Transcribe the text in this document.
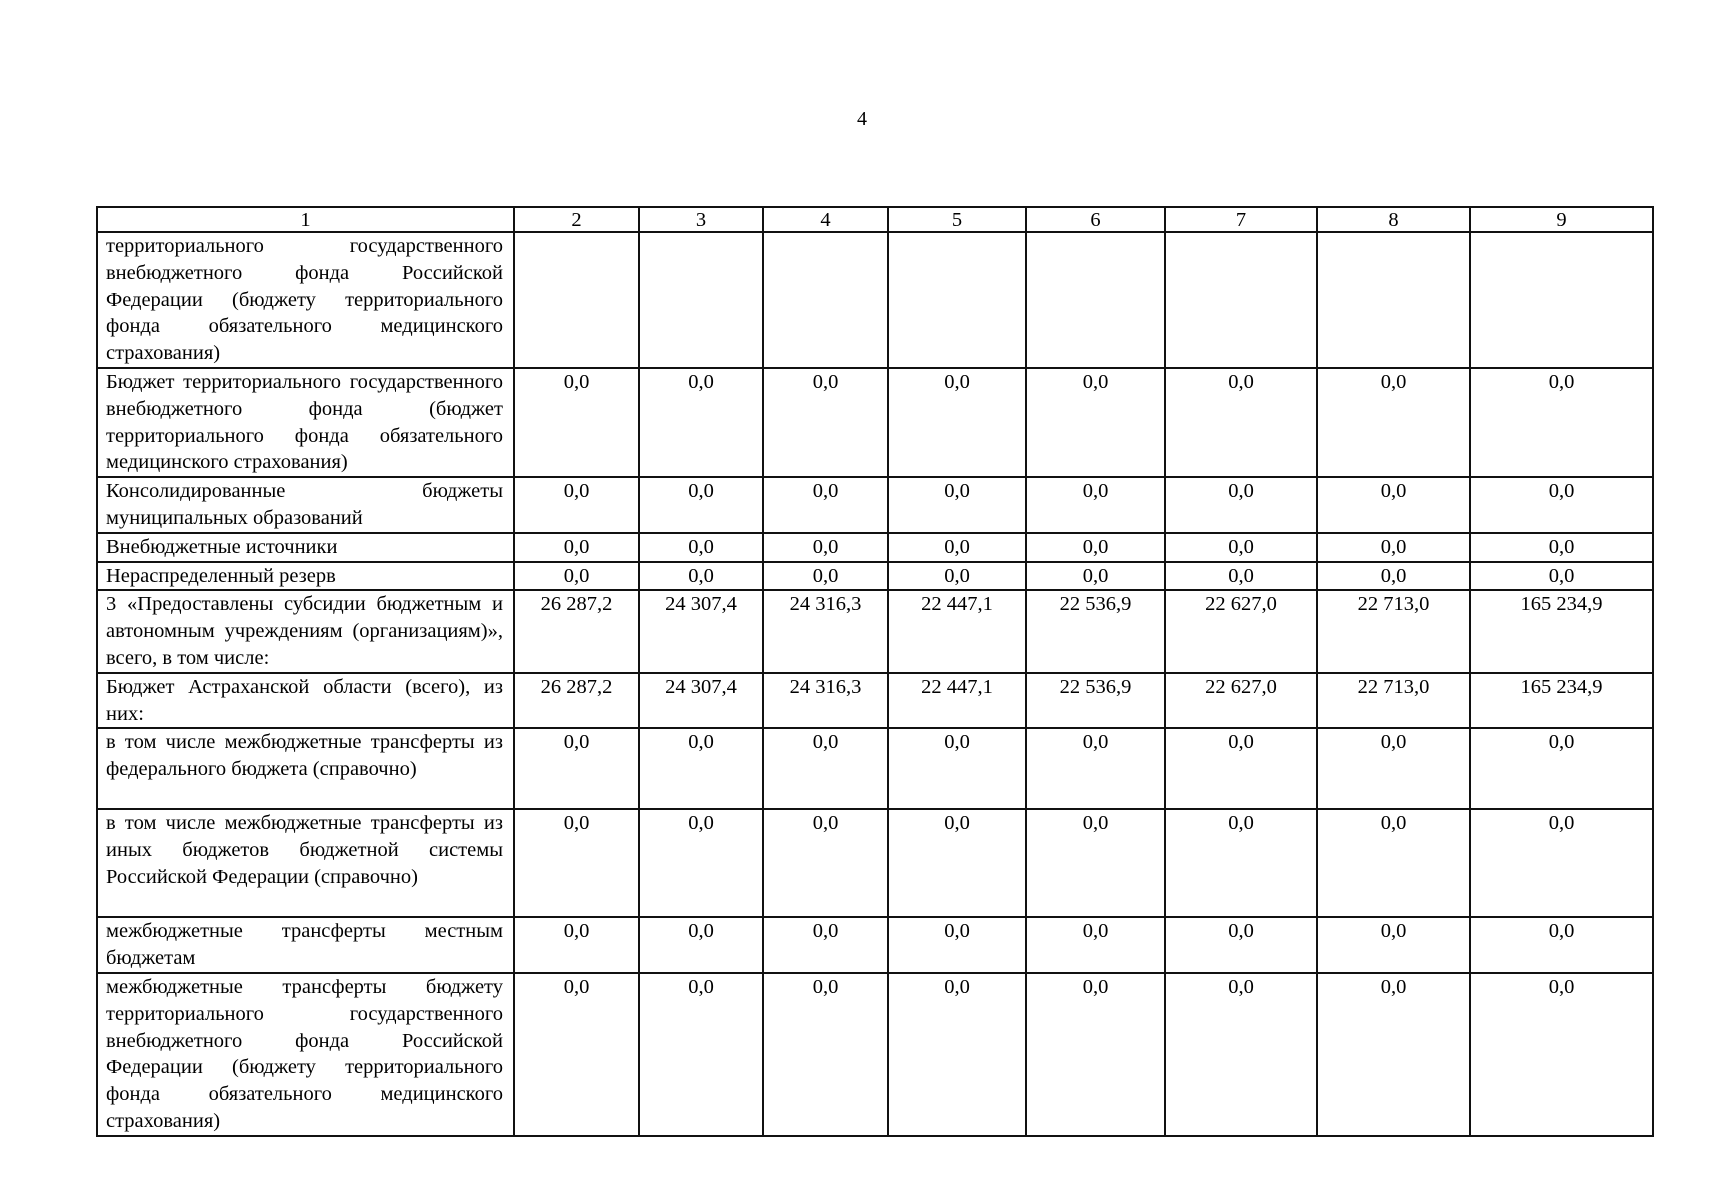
4
1	2	3	4	5	6	7	8	9
территориального государственного внебюджетного фонда Российской Федерации (бюджету территориального фонда обязательного медицинского страхования)								
Бюджет территориального государственного внебюджетного фонда (бюджет территориального фонда обязательного медицинского страхования)	0,0	0,0	0,0	0,0	0,0	0,0	0,0	0,0
Консолидированные бюджеты муниципальных образований	0,0	0,0	0,0	0,0	0,0	0,0	0,0	0,0
Внебюджетные источники	0,0	0,0	0,0	0,0	0,0	0,0	0,0	0,0
Нераспределенный резерв	0,0	0,0	0,0	0,0	0,0	0,0	0,0	0,0
3 «Предоставлены субсидии бюджетным и автономным учреждениям (организациям)», всего, в том числе:	26 287,2	24 307,4	24 316,3	22 447,1	22 536,9	22 627,0	22 713,0	165 234,9
Бюджет Астраханской области (всего), из них:	26 287,2	24 307,4	24 316,3	22 447,1	22 536,9	22 627,0	22 713,0	165 234,9
в том числе межбюджетные трансферты из федерального бюджета (справочно)	0,0	0,0	0,0	0,0	0,0	0,0	0,0	0,0
в том числе межбюджетные трансферты из иных бюджетов бюджетной системы Российской Федерации (справочно)	0,0	0,0	0,0	0,0	0,0	0,0	0,0	0,0
межбюджетные трансферты местным бюджетам	0,0	0,0	0,0	0,0	0,0	0,0	0,0	0,0
межбюджетные трансферты бюджету территориального государственного внебюджетного фонда Российской Федерации (бюджету территориального фонда обязательного медицинского страхования)	0,0	0,0	0,0	0,0	0,0	0,0	0,0	0,0
